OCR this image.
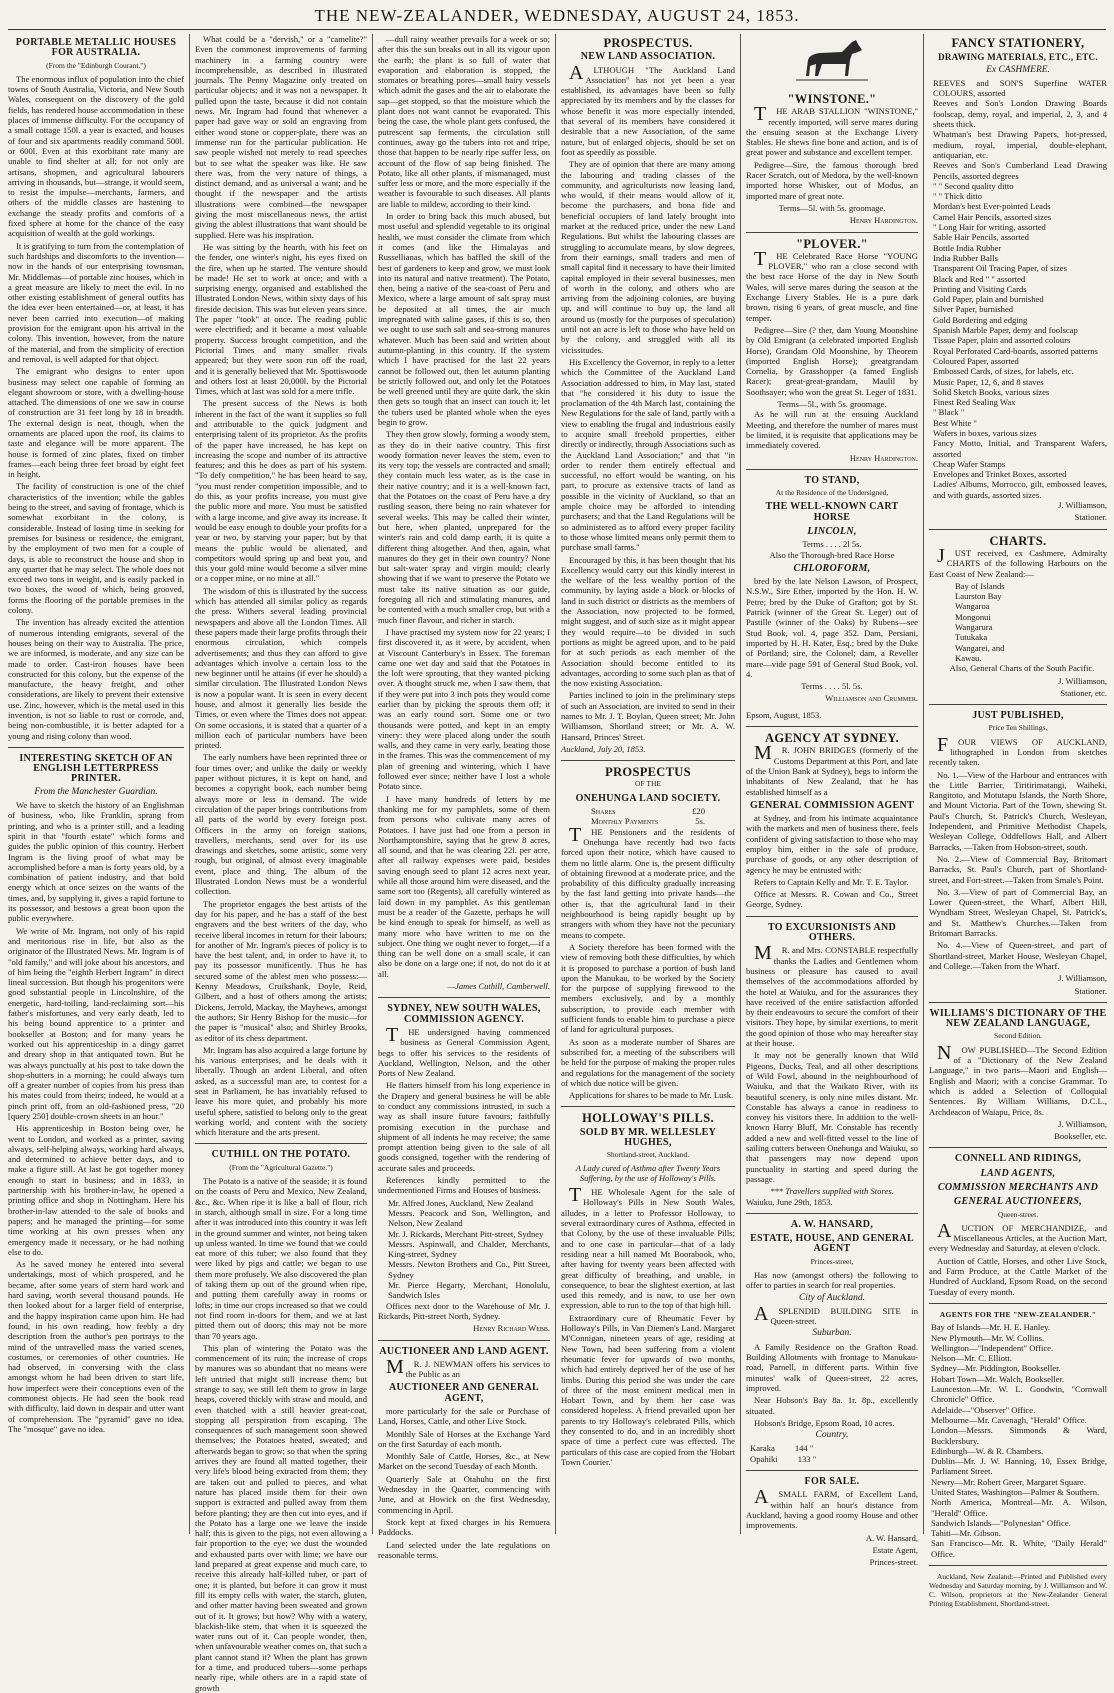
THE NEW-ZEALANDER, WEDNESDAY, AUGUST 24, 1853.
PORTABLE METALLIC HOUSES FOR AUSTRALIA.
(From the "Edinburgh Courant.")

The enormous influx of population into the chief towns of South Australia, Victoria, and New South Wales, consequent on the discovery of the gold fields, has rendered house accommodation in these places of immense difficulty. For the occupancy of a small cottage 150l. a year is exacted, and houses of four and six apartments readily command 500l. or 600l. Even at this exorbitant rate many are unable to find shelter at all; for not only are artisans, shopmen, and agricultural labourers arriving in thousands, but—strange, it would seem, to resist the impulse—merchants, farmers, and others of the middle classes are hastening to exchange the steady profits and comforts of a fixed sphere at home for the chance of the easy acquisition of wealth at the gold workings.

It is gratifying to turn from the contemplation of such hardships and discomforts to the invention—now in the hands of our enterprising townsman, Mr. Middlemas—of portable zinc houses, which in a great measure are likely to meet the evil. In no other existing establishment of general outfits has the idea ever been entertained—or, at least, it has never been carried into execution—of making provision for the emigrant upon his arrival in the colony. This invention, however, from the nature of the material, and from the simplicity of erection and removal, is well adapted for that object.

The emigrant who designs to enter upon business may select one capable of forming an elegant showroom or store, with a dwelling-house attached. The dimensions of one we saw in course of construction are 31 feet long by 18 in breadth. The external design is neat, though, when the ornaments are placed upon the roof, its claims to taste and elegance will be more apparent. The house is formed of zinc plates, fixed on timber frames—each being three feet broad by eight feet in height.

The facility of construction is one of the chief characteristics of the invention; while the gables being to the street, and saving of frontage, which is somewhat exorbitant in the colony, is considerable. Instead of losing time in seeking for premises for business or residence, the emigrant, by the employment of two men for a couple of days, is able to reconstruct the house and shop in any quarter that he may select. The whole does not exceed two tons in weight, and is easily packed in two boxes, the wood of which, being grooved, forms the flooring of the portable premises in the colony.

The invention has already excited the attention of numerous intending emigrants, several of the houses being on their way to Australia. The price, we are informed, is moderate, and any size can be made to order. Cast-iron houses have been constructed for this colony, but the expense of the manufacture, the heavy freight, and other considerations, are likely to prevent their extensive use. Zinc, however, which is the metal used in this invention, is not so liable to rust or corrode, and, being non-combustible, it is better adapted for a young and rising colony than wood.

INTERESTING SKETCH OF AN ENGLISH LETTERPRESS PRINTER.
From the Manchester Guardian.

We have to sketch the history of an Englishman of business, who, like Franklin, sprang from printing, and who is a printer still, and a leading spirit in that "fourth estate" which forms and guides the public opinion of this country. Herbert Ingram is the living proof of what may be accomplished before a man is forty years old, by a combination of patient industry, and that bold energy which at once seizes on the wants of the times, and, by supplying it, gives a rapid fortune to its possessor, and bestows a great boon upon the public everywhere.

We write of Mr. Ingram, not only of his rapid and meritorious rise in life, but also as the originator of the Illustrated News. Mr. Ingram is of "old family," and will joke about his ancestors, and of him being the "eighth Herbert Ingram" in direct lineal succession. But though his progenitors were good substantial people in Lincolnshire, of the energetic, hard-toiling, land-reclaiming sort—his father's misfortunes, and very early death, led to his being bound apprentice to a printer and bookseller at Boston; and for many years he worked out his apprenticeship in a dingy garret and dreary shop in that antiquated town. But he was always punctually at his post to take down the shop-shutters in a morning; he could always turn off a greater number of copies from his press than his mates could from theirs; indeed, he would at a pinch print off, from an old-fashioned press, "20 [query 250] double-crown sheets in an hour."

His apprenticeship in Boston being over, he went to London, and worked as a printer, saving always, self-helping always, working hard always, and determined to achieve better days, and to make a figure still. At last he got together money enough to start in business; and in 1833, in partnership with his brother-in-law, he opened a printing office and shop in Nottingham. Here his brother-in-law attended to the sale of books and papers; and he managed the printing—for some time working at his own presses when any emergency made it necessary, or he had nothing else to do.

As he saved money he entered into several undertakings, most of which prospered, and he became, after some years of stern hard work and hard saving, worth several thousand pounds. He then looked about for a larger field of enterprise, and the happy inspiration came upon him. He had found, in his own reading, how feebly a dry description from the author's pen portrays to the mind of the untravelled mass the varied scenes, costumes, or ceremonies of other countries. He had observed, in conversing with the class amongst whom he had been driven to start life, how imperfect were their conceptions even of the commonest objects. He had seen the book read with difficulty, laid down in despair and utter want of comprehension. The "pyramid" gave no idea. The "mosque" gave no idea.

What could be a "dervish," or a "camelite?" Even the commonest improvements of farming machinery in a farming country were incomprehensible, as described in illustrated journals. The Penny Magazine only treated on particular objects; and it was not a newspaper. It pulled upon the taste, because it did not contain news. Mr. Ingram had found that whenever a paper had gave way or sold an engraving from either wood stone or copper-plate, there was an immense run for the particular publication. He saw people wished not merely to read speeches but to see what the speaker was like. He saw there was, from the very nature of things, a distinct demand, and as universal a want; and he thought if the newspaper and the artists illustrations were combined—the newspaper giving the most miscellaneous news, the artist giving the ablest illustrations that want should be supplied. Here was his inspiration.

He was sitting by the hearth, with his feet on the fender, one winter's night, his eyes fixed on the fire, when up he started. The venture should be made! He set to work at once; and with a surprising energy, organised and established the Illustrated London News, within sixty days of his fireside decision. This was but eleven years since. The paper "took" at once. The reading public were electrified; and it became a most valuable property. Success brought competition, and the Pictorial Times and many smaller rivals appeared; but they were soon run off the road, and it is generally believed that Mr. Spottiswoode and others lost at least 20,000l. by the Pictorial Times, which at last was sold for a mere trifle.

The present success of the News is both inherent in the fact of the want it supplies so full and attributable to the quick judgment and enterprising talent of its proprietor. As the profits of the paper have increased, he has kept on increasing the scope and number of its attractive features; and this he does as part of his system. "To defy competition," he has been heard to say, "you must render competition impossible, and to do this, as your profits increase, you must give the public more and more. You must be satisfied with a large income, and give away its increase. It would be easy enough to double your profits for a year or two, by starving your paper; but by that means the public would be alienated, and competitors would spring up and beat you, and this your gold mine would become a silver mine or a copper mine, or no mine at all."

The wisdom of this is illustrated by the success which has attended all similar policy as regards the press. Withers several leading provincial newspapers and above all the London Times. All these papers made their large profits through their enormous circulation, which compels advertisements; and thus they can afford to give advantages which involve a certain loss to the new beginner until he attains (if ever he should) a similar circulation. The Illustrated London News is now a popular want. It is seen in every decent house, and almost it generally lies beside the Times, or even where the Times does not appear. On some occasions, it is stated that a quarter of a million each of particular numbers have been printed.

The early numbers have been reprinted three or four times over; and unlike the daily or weekly paper without pictures, it is kept on hand, and becomes a copyright book, each number being always more or less in demand. The wide circulation of the paper brings contributions from all parts of the world by every foreign post. Officers in the army on foreign stations, travellers, merchants, send over for its use drawings and sketches, some artistic, some very rough, but original, of almost every imaginable event, place and thing. The album of the Illustrated London News must be a wonderful collection.

The proprietor engages the best artists of the day for his paper, and he has a staff of the best engravers and the best writers of the day, who receive liberal incomes in return for their labours; for another of Mr. Ingram's pieces of policy is to have the best talent, and, in order to have it, to pay its possessor munificently. Thus he has secured some of the ablest men who possess:—Kenny Meadows, Cruikshank, Doyle, Reid, Gilbert, and a host of others among the artists; Dickens, Jerrold, Mackay, the Mayhews, amongst the authors; Sir Henry Bishop for the music—for the paper is "musical" also; and Shirley Brooks, as editor of its chess department.

Mr. Ingram has also acquired a large fortune by his various enterprises, and he deals with it liberally. Though an ardent Liberal, and often asked, as a successful man are, to contest for a seat in Parliament, he has invariably refused to leave his more quiet, and probably his more useful sphere, satisfied to belong only to the great working world, and content with the society which literature and the arts present.

CUTHILL ON THE POTATO.
(From the "Agricultural Gazette.")

The Potato is a native of the seaside; it is found on the coasts of Peru and Mexico, New Zealand, &c., &c. When ripe it is like a ball of flour, rich in starch, although small in size. For a long time after it was introduced into this country it was left in the ground summer and winter, not being taken up unless wanted. In time we found that we could eat more of this tuber; we also found that they were liked by pigs and cattle; we began to use them more profusely. We also discovered the plan of taking them up out of the ground when ripe, and putting them carefully away in rooms or lofts; in time our crops increased so that we could not find room in-doors for them, and we at last pitted them out of doors; this may not be more than 70 years ago.

This plan of wintering the Potato was the commencement of its ruin; the increase of crops by manures was so abundant that no means were left untried that might still increase them; but strange to say, we still left them to grow in large heaps, covered thickly with straw and mould, and even thatched with a still heavier great-coat, stopping all perspiration from escaping. The consequences of such management soon showed themselves; the Potatoes heated, sweated; and afterwards began to grow; so that when the spring arrives they are found all matted together, their very life's blood being extracted from them; they are taken out and pulled to pieces, and what nature has placed inside them for their own support is extracted and pulled away from them before planting; they are then cut into eyes, and if the Potato has a large one we leave the inside half; this is given to the pigs, not even allowing a fair proportion to the eye; we dust the wounded and exhausted parts over with lime; we have our land prepared at great expense and much care, to receive this already half-killed tuber, or part of one; it is planted, but before it can grow it must fill its empty cells with water, the starch, gluten, and other matter having been sweated and grown out of it. It grows; but how? Why with a watery, blackish-like stem, that when it is squeezed the water runs out of it. Can people wonder, then, when unfavourable weather comes on, that such a plant cannot stand it? When the plant has grown for a time, and produced tubers—some perhaps nearly ripe, while others are in a rapid state of growth

—dull rainy weather prevails for a week or so; after this the sun breaks out in all its vigour upon the earth; the plant is so full of water that evaporation and elaboration is stopped, the stomates or breathing pores—small hairy vessels which admit the gases and the air to elaborate the sap—get stopped, so that the moisture which the plant does not want cannot be evaporated. This being the case, the whole plant gets confused, the putrescent sap ferments, the circulation still continues, away go the tubers into rot and tripe, those that happen to be nearly ripe suffer less, on account of the flow of sap being finished. The Potato, like all other plants, if mismanaged, must suffer less or more, and the more especially if the weather is favourable to such diseases. All plants are liable to mildew, according to their kind.

In order to bring back this much abused, but most useful and splendid vegetable to its original health, we must consider the climate from which it comes (and like the Himalayas and Russellianas, which has baffled the skill of the best of gardeners to keep and grow, we must look into its natural and native treatment). The Potato, then, being a native of the sea-coast of Peru and Mexico, where a large amount of salt spray must be deposited at all times, the air much impregnated with saline gases, if this is so, then we ought to use such salt and sea-strong manures whatever. Much has been said and written about autumn-planting in this country. If the system which I have practised for the last 22 years cannot be followed out, then let autumn planting be strictly followed out, and only let the Potatoes be well greened until they are quite dark, the skin then gets so tough that an insect can touch it; let the tubers used be planted whole when the eyes begin to grow.

They then grow slowly, forming a woody stem, as they do in their native country. This first woody formation never leaves the stem, even to its very top; the vessels are contracted and small; they contain much less water, as is the case in their native country; and it is a well-known fact, that the Potatoes on the coast of Peru have a dry rustling season, there being no rain whatever for several weeks. This may be called their winter, but here, when planted, unprepared for the winter's rain and cold damp earth, it is quite a different thing altogether. And then, again, what manures do they get in their own country? None but salt-water spray and virgin mould; clearly showing that if we want to preserve the Potato we must take its native situation as our guide, foregoing all rich and stimulating manures, and be contented with a much smaller crop, but with a much finer flavour, and richer in starch.

I have practised my system now for 22 years; I first discovered it, as it were, by accident, when at Viscount Canterbury's in Essex. The foreman came one wet day and said that the Potatoes in the loft were sprouting, that they wanted picking over. A thought struck me, when I saw them, that if they were put into 3 inch pots they would come earlier than by picking the sprouts them off; it was an early round sort. Some one or two thousands were potted, and kept in an empty vinery: they were placed along under the south walls, and they came in very early, beating those in the frames. This was the commencement of my plan of greening and wintering, which I have followed ever since; neither have I lost a whole Potato since.

I have many hundreds of letters by me thanking me for my pamphlets, some of them from persons who cultivate many acres of Potatoes. I have just had one from a person in Northamptonshire, saying that he grew 8 acres, all sound, and that he was clearing 22l. per acre, after all railway expenses were paid, besides saving enough seed to plant 12 acres next year, while all those around him were diseased, and the same sort too (Regents), all carefully wintered as laid down in my pamphlet. As this gentleman must be a reader of the Gazette, perhaps he will be kind enough to speak for himself, as well as many more who have written to me on the subject. One thing we ought never to forget,—if a thing can be well done on a small scale, it can also be done on a large one; if not, do not do it at all.

—James Cuthill, Camberwell.
SYDNEY, NEW SOUTH WALES, COMMISSION AGENCY.

THE undersigned having commenced business as General Commission Agent, begs to offer his services to the residents of Auckland, Wellington, Nelson, and the other Ports of New Zealand.

He flatters himself from his long experience in the Drapery and general business he will be able to conduct any commissions intrusted, in such a way as shall insure future favours; faithfully promising execution in the purchase and shipment of all indents he may receive; the same prompt attention being given to the sale of all goods consigned, together with the rendering of accurate sales and proceeds.

References kindly permitted to the undermentioned Firms and Houses of business.

Mr. Alfred Jones, Auckland, New Zealand
Messrs. Peacock and Son, Wellington, and Nelson, New Zealand
Mr. J. Rickards, Merchant Pitt-street, Sydney
Messrs. Aspinwall, and Chalder, Merchants, King-street, Sydney
Messrs. Newton Brothers and Co., Pitt Street, Sydney
Mr. Pierce Hegarty, Merchant, Honolulu, Sandwich Isles

Offices next door to the Warehouse of Mr. J. Rickards, Pitt-street North, Sydney.

Henry Richard Webb.
AUCTIONEER AND LAND AGENT.

MR. J. NEWMAN offers his services to the Public as an

AUCTIONEER AND GENERAL AGENT,

more particularly for the sale or Purchase of Land, Horses, Cattle, and other Live Stock.

Monthly Sale of Horses at the Exchange Yard on the first Saturday of each month.

Monthly Sale of Cattle, Horses, &c., at New Market on the second Tuesday of each Month.

Quarterly Sale at Otahuhu on the first Wednesday in the Quarter, commencing with June, and at Howick on the first Wednesday, commencing in April.

Stock kept at fixed charges in his Remuera Paddocks.

Land selected under the late regulations on reasonable terms.

PROSPECTUS.
NEW LAND ASSOCIATION.

ALTHOUGH "The Auckland Land Association" has not yet been a year established, its advantages have been so fully appreciated by its members and by the classes for whose benefit it was more especially intended, that several of its members have considered it desirable that a new Association, of the same nature, but of enlarged objects, should be set on foot as speedily as possible.

They are of opinion that there are many among the labouring and trading classes of the community, and agriculturists now leasing land, who would, if their means would allow of it, become the purchasers, and bona fide and beneficial occupiers of land lately brought into market at the reduced price, under the new Land Regulations. But whilst the labouring classes are struggling to accumulate means, by slow degrees, from their earnings, small traders and men of small capital find it necessary to have their limited capital employed in their several businesses, men of worth in the colony, and others who are arriving from the adjoining colonies, are buying up, and will continue to buy up, the land all around us (mostly for the purposes of speculation) until not an acre is left to those who have held on by the colony, and struggled with all its vicissitudes.

His Excellency the Governor, in reply to a letter which the Committee of the Auckland Land Association addressed to him, in May last, stated that "he considered it his duty to issue the proclamation of the 4th March last, containing the New Regulations for the sale of land, partly with a view to enabling the frugal and industrious easily to acquire small freehold properties, either directly or indirectly, through Associations such as the Auckland Land Association;" and that "in order to render them entirely effectual and successful, no effort would be wanting, on his part, to procure as extensive tracts of land as possible in the vicinity of Auckland, so that an ample choice may be afforded to intending purchasers; and that the Land Regulations will be so administered as to afford every proper facility to those whose limited means only permit them to purchase small farms."

Encouraged by this, it has been thought that his Excellency would carry out this kindly interest in the welfare of the less wealthy portion of the community, by laying aside a block or blocks of land in such district or districts as the members of the Association, now projected to be formed, might suggest, and of such size as it might appear they would require—to be divided in such portions as might be agreed upon, and to be paid for at such periods as each member of the Association should become entitled to its advantages, according to some such plan as that of the now existing Association.

Parties inclined to join in the preliminary steps of such an Association, are invited to send in their names to Mr. J. T. Boylan, Queen street; Mr. John Williamson, Shortland street; or Mr. A. W. Hansard, Princes' Street.

Auckland, July 20, 1853.
PROSPECTUS
OF THE
ONEHUNGA LAND SOCIETY.
Shares	£20
Monthly Payments	5s.

THE Pensioners and the residents of Onehunga have recently had two facts forced upon their notice, which have caused to them no little alarm. One is, the present difficulty of obtaining firewood at a moderate price, and the probability of this difficulty gradually increasing by the fast land getting into private hands—the other is, that the agricultural land in their neighbourhood is being rapidly bought up by strangers with whom they have not the pecuniary means to compete.

A Society therefore has been formed with the view of removing both these difficulties, by which it is proposed to purchase a portion of bush land upon the Manukau, to be worked by the Society for the purpose of supplying firewood to the members exclusively, and by a monthly subscription, to provide each member with sufficient funds to enable him to purchase a piece of land for agricultural purposes.

As soon as a moderate number of Shares are subscribed for, a meeting of the subscribers will be held for the purpose of making the proper rules and regulations for the management of the society of which due notice will be given.

Applications for shares to be made to Mr. Lusk.

HOLLOWAY'S PILLS.
SOLD BY MR. WELLESLEY HUGHES,
Shortland-street, Auckland.
A Lady cured of Asthma after Twenty Years Suffering, by the use of Holloway's Pills.

THE Wholesale Agent for the sale of Holloway's Pills in New South Wales, alludes, in a letter to Professor Holloway, to several extraordinary cures of Asthma, effected in that Colony, by the use of these invaluable Pills; and to one case in particular—that of a lady residing near a hill named Mt Boorabook, who, after having for twenty years been affected with great difficulty of breathing, and unable, in consequence, to bear the slightest exertion, at last used this remedy, and is now, to use her own expression, able to run to the top of that high hill.

Extraordinary cure of Rheumatic Fever by Holloway's Pills, in Van Diemen's Land. Margaret M'Connigan, nineteen years of age, residing at New Town, had been suffering from a violent rheumatic fever for upwards of two months, which had entirely deprived her of the use of her limbs. During this period she was under the care of three of the most eminent medical men in Hobart Town, and by them her case was considered hopeless. A friend prevailed upon her parents to try Holloway's celebrated Pills, which they consented to do, and in an incredibly short space of time a perfect cure was effected. The particulars of this case are copied from the 'Hobart Town Courier.'

"WINSTONE."

THE ARAB STALLION "WINSTONE," recently imported, will serve mares during the ensuing season at the Exchange Livery Stables. He shews fine bone and action, and is of great power and substance and excellent temper.

Pedigree—Sire, the famous thorough bred Racer Scratch, out of Medora, by the well-known imported horse Whisker, out of Modus, an imported mare of great note.

Terms—5l. with 5s. groomage.
Henry Hardington.
"PLOVER."

THE Celebrated Race Horse "YOUNG PLOVER," who ran a close second with the best race Horse of the day in New South Wales, will serve mares during the season at the Exchange Livery Stables. He is a pure dark brown, rising 6 years, of great muscle, and fine temper.

Pedigree—Sire (? ther, dam Young Moonshine by Old Emigrant (a celebrated imported English Horse), Grandam Old Moonshine, by Theorem (imported English Horse); greatgrandam Cornelia, by Grasshopper (a famed English Racer); great-great-grandam, Maulil by Soothsayer; who won the great St. Leger of 1831.

Terms—5l., with 5s. groomage.

As he will run at the ensuing Auckland Meeting, and therefore the number of mares must be limited, it is requisite that applications may be immediately covered.

Henry Hardington.
TO STAND,
At the Residence of the Undersigned,
THE WELL-KNOWN CART HORSE
LINCOLN,
Terms . . . . 2l 5s.
Also the Thorough-bred Race Horse
CHLOROFORM,

bred by the late Nelson Lawson, of Prospect, N.S.W., Sire Ether, imported by the Hon. H. W. Petre; bred by the Duke of Grafton; got by St. Patrick (winner of the Great St. Leger) out of Pastille (winner of the Oaks) by Rubens—see Stud Book, vol. 4, page 352. Dam, Persiani, imported by H. H. Kater, Esq.; bred by the Duke of Portland; sire, the Colonel; dam, a Reveller mare—vide page 591 of General Stud Book, vol. 4.

Terms . . . . 5l. 5s.
Williamson and Crummer.
Epsom, August, 1853.
AGENCY AT SYDNEY.

MR. JOHN BRIDGES (formerly of the Customs Department at this Port, and late of the Union Bank at Sydney), begs to inform the inhabitants of New Zealand, that he has established himself as a

GENERAL COMMISSION AGENT

at Sydney, and from his intimate acquaintance with the markets and men of business there, feels confident of giving satisfaction to those who may employ him, either in the sale of produce, purchase of goods, or any other description of agency he may be entrusted with:

Refers to Captain Kelly and Mr. T. E. Taylor.

Office at Messrs. R. Cowan and Co., Street George, Sydney.

TO EXCURSIONISTS AND OTHERS.

MR. and Mrs. CONSTABLE respectfully thanks the Ladies and Gentlemen whom business or pleasure has caused to avail themselves of the accommodations afforded by the hotel at Waiuku, and for the assurances they have received of the entire satisfaction afforded by their endeavours to secure the comfort of their visitors. They hope, by similar exertions, to merit the good opinion of those who may hereafter stay at their house.

It may not be generally known that Wild Pigeons, Ducks, Teal, and all other descriptions of Wild Fowl, abound in the neighbourhood of Waiuku, and that the Waikato River, with its beautiful scenery, is only nine miles distant. Mr. Constable has always a canoe in readiness to convey his visitors there. In addition to the well-known Harry Bluff, Mr. Constable has recently added a new and well-fitted vessel to the line of sailing cutters between Onehunga and Waiuku, so that passengers may now depend upon punctuality in starting and speed during the passage.

*** Travellers supplied with Stores.
Waiuku, June 29th, 1853.
A. W. HANSARD,
ESTATE, HOUSE, AND GENERAL AGENT
Princes-street,

Has now (amongst others) the following to offer to parties in search for real properties.

City of Auckland.

ASPLENDID BUILDING SITE in Queen-street.

Suburban.

A Family Residence on the Grafton Road. Building Allotments with frontage to Manukau-road, Parnell, in different parts. Within five minutes' walk of Queen-street, 22 acres, improved.

Near Hobson's Bay 8a. 1r. 8p., excellently situated.

Hobson's Bridge, Epsom Road, 10 acres.

Country.
Karaka 144 "
Opahiki 133 "
FOR SALE.

ASMALL FARM, of Excellent Land, within half an hour's distance from Auckland, having a good roomy House and other improvements.

A. W. Hansard,
Estate Agent,
Princes-street.
FANCY STATIONERY,
DRAWING MATERIALS, ETC., ETC.
Ex CASHMERE.
REEVES and SON'S Superfine WATER COLOURS, assorted
Reeves and Son's London Drawing Boards foolscap, demy, royal, and imperial, 2, 3, and 4 sheets thick.
Whatman's best Drawing Papers, hot-pressed, medium, royal, imperial, double-elephant, antiquarian, etc.
Reeves and Son's Cumberland Lead Drawing Pencils, assorted degrees
" " Second quality ditto
" " Thick ditto
Mordan's best Ever-pointed Leads
Camel Hair Pencils, assorted sizes
" Long Hair for writing, assorted
Sable Hair Pencils, assorted
Bottle India Rubber
India Rubber Balls
Transparent Oil Tracing Paper, of sizes
Black and Red " " assorted
Printing and Visiting Cards
Gold Paper, plain and burnished
Silver Paper, burnished
Gold Bordering and edging
Spanish Marble Paper, demy and foolscap
Tissue Paper, plain and assorted colours
Royal Perforated Card-boards, assorted patterns
Coloured Paper, assorted
Embossed Cards, of sizes, for labels, etc.
Music Paper, 12, 6, and 8 staves
Solid Sketch Books, various sizes
Finest Red Sealing Wax
" Black "
Best White "
Wafers in boxes, various sizes
Fancy Motto, Initial, and Transparent Wafers, assorted
Cheap Wafer Stamps
Envelopes and Trinket Boxes, assorted
Ladies' Albums, Morrocco, gilt, embossed leaves, and with guards, assorted sizes.
J. Williamson,
Stationer.
CHARTS.

JUST received, ex Cashmere, Admiralty CHARTS of the following Harbours on the East Coast of New Zealand:—

Bay of Islands
Laurston Bay
Wangaroa
Mongonui
Wangarura
Tutukaka
Wangarei, and
Kawau.

Also, General Charts of the South Pacific.

J. Williamson,
Stationer, etc.
JUST PUBLISHED,
Price Ten Shillings,

FOUR VIEWS OF AUCKLAND, lithographed in London from sketches recently taken.

No. 1.—View of the Harbour and entrances with the Little Barrier, Tiritirimatangi, Waiheki, Rangitoto, and Motutapu Islands, the North Shore, and Mount Victoria. Part of the Town, shewing St. Paul's Church, St. Patrick's Church, Wesleyan, Independent, and Primitive Methodist Chapels, Wesleyan College, Oddfellows Hall, and Albert Barracks, —Taken from Hobson-street, south.

No. 2.—View of Commercial Bay, Britomart Barracks, St. Paul's Church, part of Shortland-street, and Fort-street.—Taken from Smale's Point.

No. 3.—View of part of Commercial Bay, an Lower Queen-street, the Wharf, Albert Hill, Wyndham Street, Wesleyan Chapel, St. Patrick's, and St. Matthew's Churches.—Taken from Britomart Barracks.

No. 4.—View of Queen-street, and part of Shortland-street, Market House, Wesleyan Chapel, and College.—Taken from the Wharf.

J. Williamson,
Stationer.
WILLIAMS'S DICTIONARY OF THE NEW ZEALAND LANGUAGE,
Second Edition.

NOW PUBLISHED—The Second Edition of a "Dictionary of the New Zealand Language," in two parts—Maori and English—English and Maori; with a concise Grammar. To which is added a Selection of Colloquial Sentences. By William Williams, D.C.L., Archdeacon of Waiapu, Price, 8s.

J. Williamson,
Bookseller, etc.
CONNELL AND RIDINGS,
LAND AGENTS,
COMMISSION MERCHANTS AND
GENERAL AUCTIONEERS,
Queen-street.

AUCTION OF MERCHANDIZE, and Miscellaneous Articles, at the Auction Mart, every Wednesday and Saturday, at eleven o'clock.

Auction of Cattle, Horses, and other Live Stock, and Farm Produce, at the Cattle Market of the Hundred of Auckland, Epsom Road, on the second Tuesday of every month.

AGENTS FOR THE "NEW-ZEALANDER."
Bay of Islands—Mr. H. E. Hanley.
New Plymouth—Mr. W. Collins.
Wellington—"Independent" Office.
Nelson—Mr. C. Elliott.
Sydney—Mr. Piddington, Bookseller.
Hobart Town—Mr. Walch, Bookseller.
Launceston—Mr. W. L. Goodwin, "Cornwall Chronicle" Office.
Adelaide—"Observer" Office.
Melbourne—Mr. Cavenagh, "Herald" Office.
London—Messrs. Simmonds & Ward, Bucklersbury.
Edinburgh—W. & R. Chambers.
Dublin—Mr. J. W. Hanning, 10, Essex Bridge, Parliament Street.
Newry—Mr. Robert Greer, Margaret Square.
United States, Washington—Palmer & Southern.
North America, Montreal—Mr. A. Wilson, "Herald" Office.
Sandwich Islands—"Polynesian" Office.
Tahiti—Mr. Gibson.
San Francisco—Mr. R. White, "Daily Herald" Office.

Auckland, New Zealand:—Printed and Published every Wednesday and Saturday morning, by J. Williamson and W. C. Wilson, proprietors at the New-Zealander General Printing Establishment, Shortland-street.
